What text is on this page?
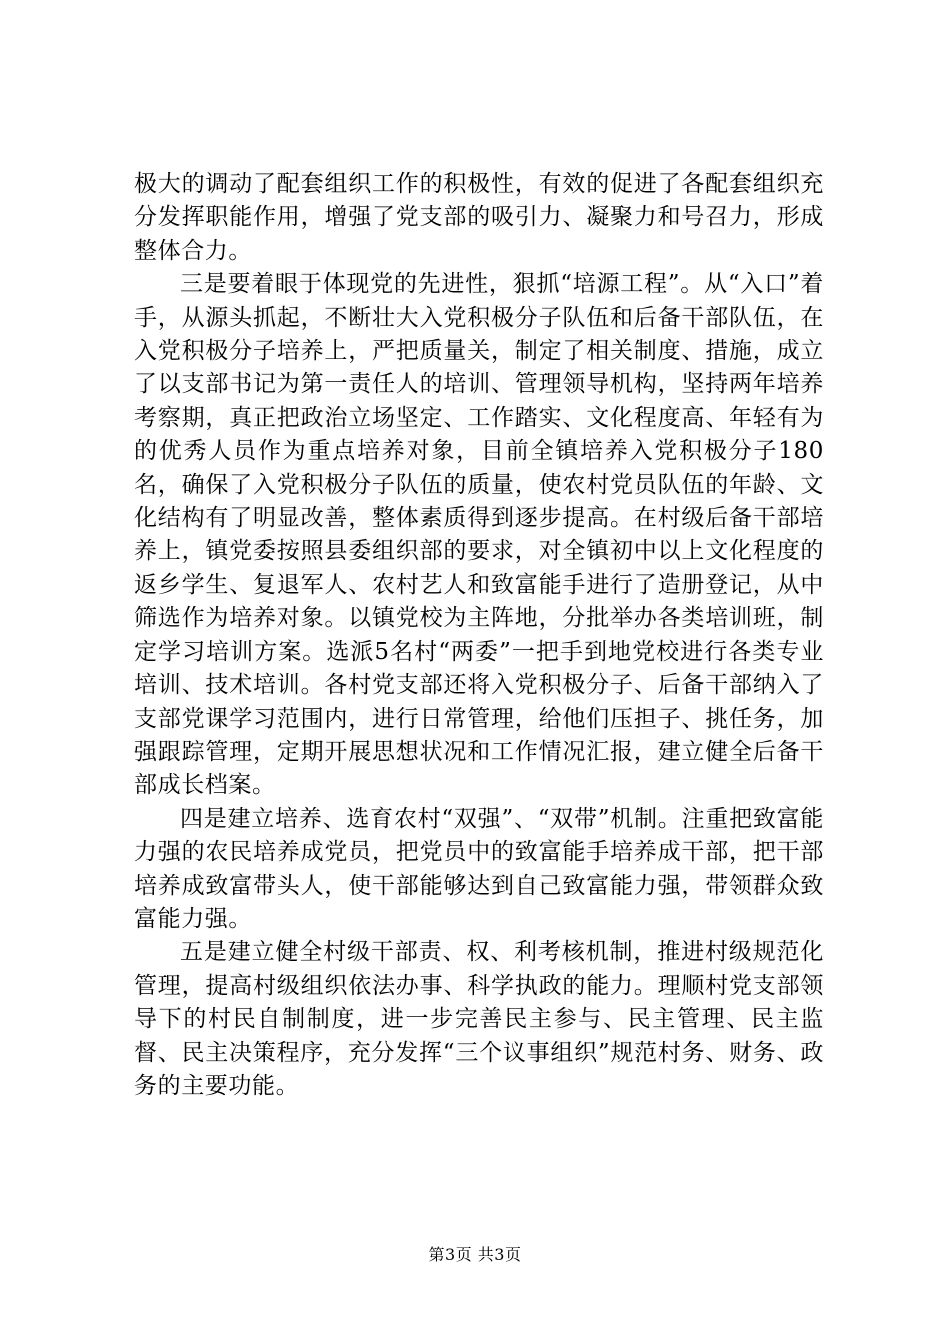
极大的调动了配套组织工作的积极性，有效的促进了各配套组织充分发挥职能作用，增强了党支部的吸引力、凝聚力和号召力，形成整体合力。

三是要着眼于体现党的先进性，狠抓“培源工程”。从“入口”着手，从源头抓起，不断壮大入党积极分子队伍和后备干部队伍，在入党积极分子培养上，严把质量关，制定了相关制度、措施，成立了以支部书记为第一责任人的培训、管理领导机构，坚持两年培养考察期，真正把政治立场坚定、工作踏实、文化程度高、年轻有为的优秀人员作为重点培养对象，目前全镇培养入党积极分子180名，确保了入党积极分子队伍的质量，使农村党员队伍的年龄、文化结构有了明显改善，整体素质得到逐步提高。在村级后备干部培养上，镇党委按照县委组织部的要求，对全镇初中以上文化程度的返乡学生、复退军人、农村艺人和致富能手进行了造册登记，从中筛选作为培养对象。以镇党校为主阵地，分批举办各类培训班，制定学习培训方案。选派5名村“两委”一把手到地党校进行各类专业培训、技术培训。各村党支部还将入党积极分子、后备干部纳入了支部党课学习范围内，进行日常管理，给他们压担子、挑任务，加强跟踪管理，定期开展思想状况和工作情况汇报，建立健全后备干部成长档案。

四是建立培养、选育农村“双强”、“双带”机制。注重把致富能力强的农民培养成党员，把党员中的致富能手培养成干部，把干部培养成致富带头人，使干部能够达到自己致富能力强，带领群众致富能力强。

五是建立健全村级干部责、权、利考核机制，推进村级规范化管理，提高村级组织依法办事、科学执政的能力。理顺村党支部领导下的村民自制制度，进一步完善民主参与、民主管理、民主监督、民主决策程序，充分发挥“三个议事组织”规范村务、财务、政务的主要功能。

第3页 共3页
